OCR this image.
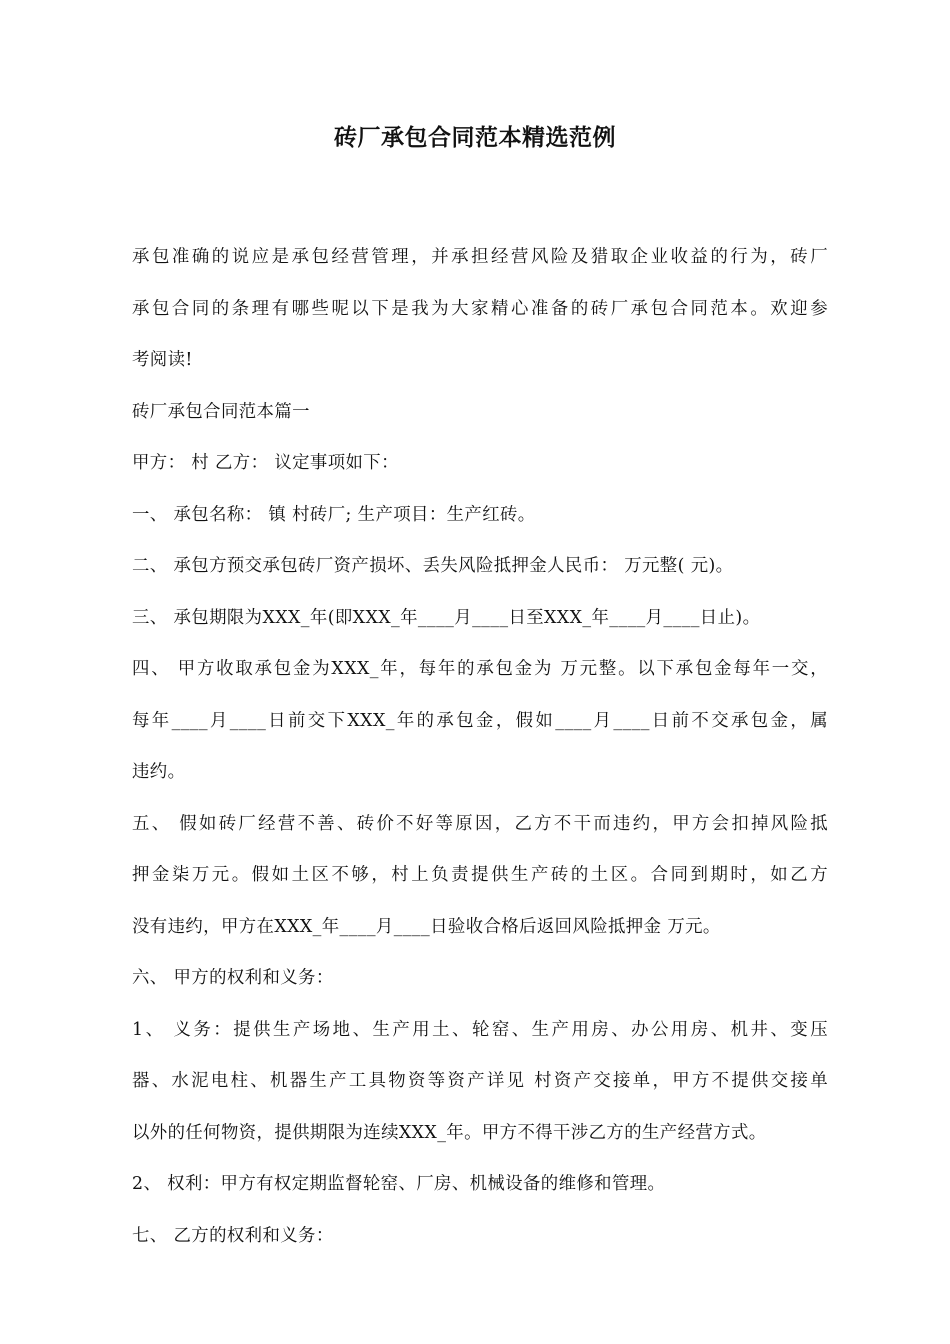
砖厂承包合同范本精选范例
承包准确的说应是承包经营管理，并承担经营风险及猎取企业收益的行为，砖厂
承包合同的条理有哪些呢以下是我为大家精心准备的砖厂承包合同范本。欢迎参
考阅读!
砖厂承包合同范本篇一
甲方： 村 乙方： 议定事项如下：
一、 承包名称： 镇 村砖厂; 生产项目：生产红砖。
二、 承包方预交承包砖厂资产损坏、丢失风险抵押金人民币： 万元整( 元)。
三、 承包期限为XXX_年(即XXX_年____月____日至XXX_年____月____日止)。
四、 甲方收取承包金为XXX_年，每年的承包金为 万元整。以下承包金每年一交，
每年____月____日前交下XXX_年的承包金，假如____月____日前不交承包金，属
违约。
五、 假如砖厂经营不善、砖价不好等原因，乙方不干而违约，甲方会扣掉风险抵
押金柒万元。假如土区不够，村上负责提供生产砖的土区。合同到期时，如乙方
没有违约，甲方在XXX_年____月____日验收合格后返回风险抵押金 万元。
六、 甲方的权利和义务：
1、 义务：提供生产场地、生产用土、轮窑、生产用房、办公用房、机井、变压
器、水泥电柱、机器生产工具物资等资产详见 村资产交接单，甲方不提供交接单
以外的任何物资，提供期限为连续XXX_年。甲方不得干涉乙方的生产经营方式。
2、 权利：甲方有权定期监督轮窑、厂房、机械设备的维修和管理。
七、 乙方的权利和义务：
